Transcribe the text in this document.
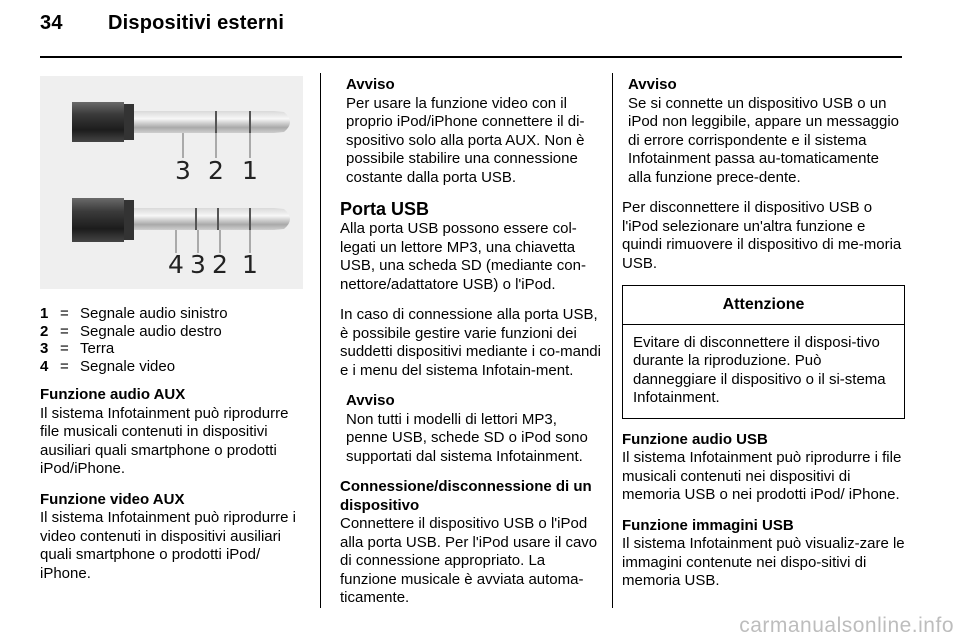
34 Dispositivi esterni
3 2 1
4 3 2 1
1 = Segnale audio sinistro
2 = Segnale audio destro
3 = Terra
4 = Segnale video
Funzione audio AUX

Il sistema Infotainment può riprodurre file musicali contenuti in dispositivi ausiliari quali smartphone o prodotti iPod/iPhone.

Funzione video AUX

Il sistema Infotainment può riprodurre i video contenuti in dispositivi ausiliari quali smartphone o prodotti iPod/ iPhone.

Avviso
Per usare la funzione video con il proprio iPod/iPhone connettere il di-spositivo solo alla porta AUX. Non è possibile stabilire una connessione costante dalla porta USB.
Porta USB

Alla porta USB possono essere col-legati un lettore MP3, una chiavetta USB, una scheda SD (mediante con-nettore/adattatore USB) o l'iPod.

In caso di connessione alla porta USB, è possibile gestire varie funzioni dei suddetti dispositivi mediante i co-mandi e i menu del sistema Infotain-ment.

Avviso
Non tutti i modelli di lettori MP3, penne USB, schede SD o iPod sono supportati dal sistema Infotainment.
Connessione/disconnessione di un dispositivo

Connettere il dispositivo USB o l'iPod alla porta USB. Per l'iPod usare il cavo di connessione appropriato. La funzione musicale è avviata automa-ticamente.

Avviso
Se si connette un dispositivo USB o un iPod non leggibile, appare un messaggio di errore corrispondente e il sistema Infotainment passa au-tomaticamente alla funzione prece-dente.

Per disconnettere il dispositivo USB o l'iPod selezionare un'altra funzione e quindi rimuovere il dispositivo di me-moria USB.

Attenzione
Evitare di disconnettere il disposi-tivo durante la riproduzione. Può danneggiare il dispositivo o il si-stema Infotainment.
Funzione audio USB

Il sistema Infotainment può riprodurre i file musicali contenuti nei dispositivi di memoria USB o nei prodotti iPod/ iPhone.

Funzione immagini USB

Il sistema Infotainment può visualiz-zare le immagini contenute nei dispo-sitivi di memoria USB.

carmanualsonline.info
